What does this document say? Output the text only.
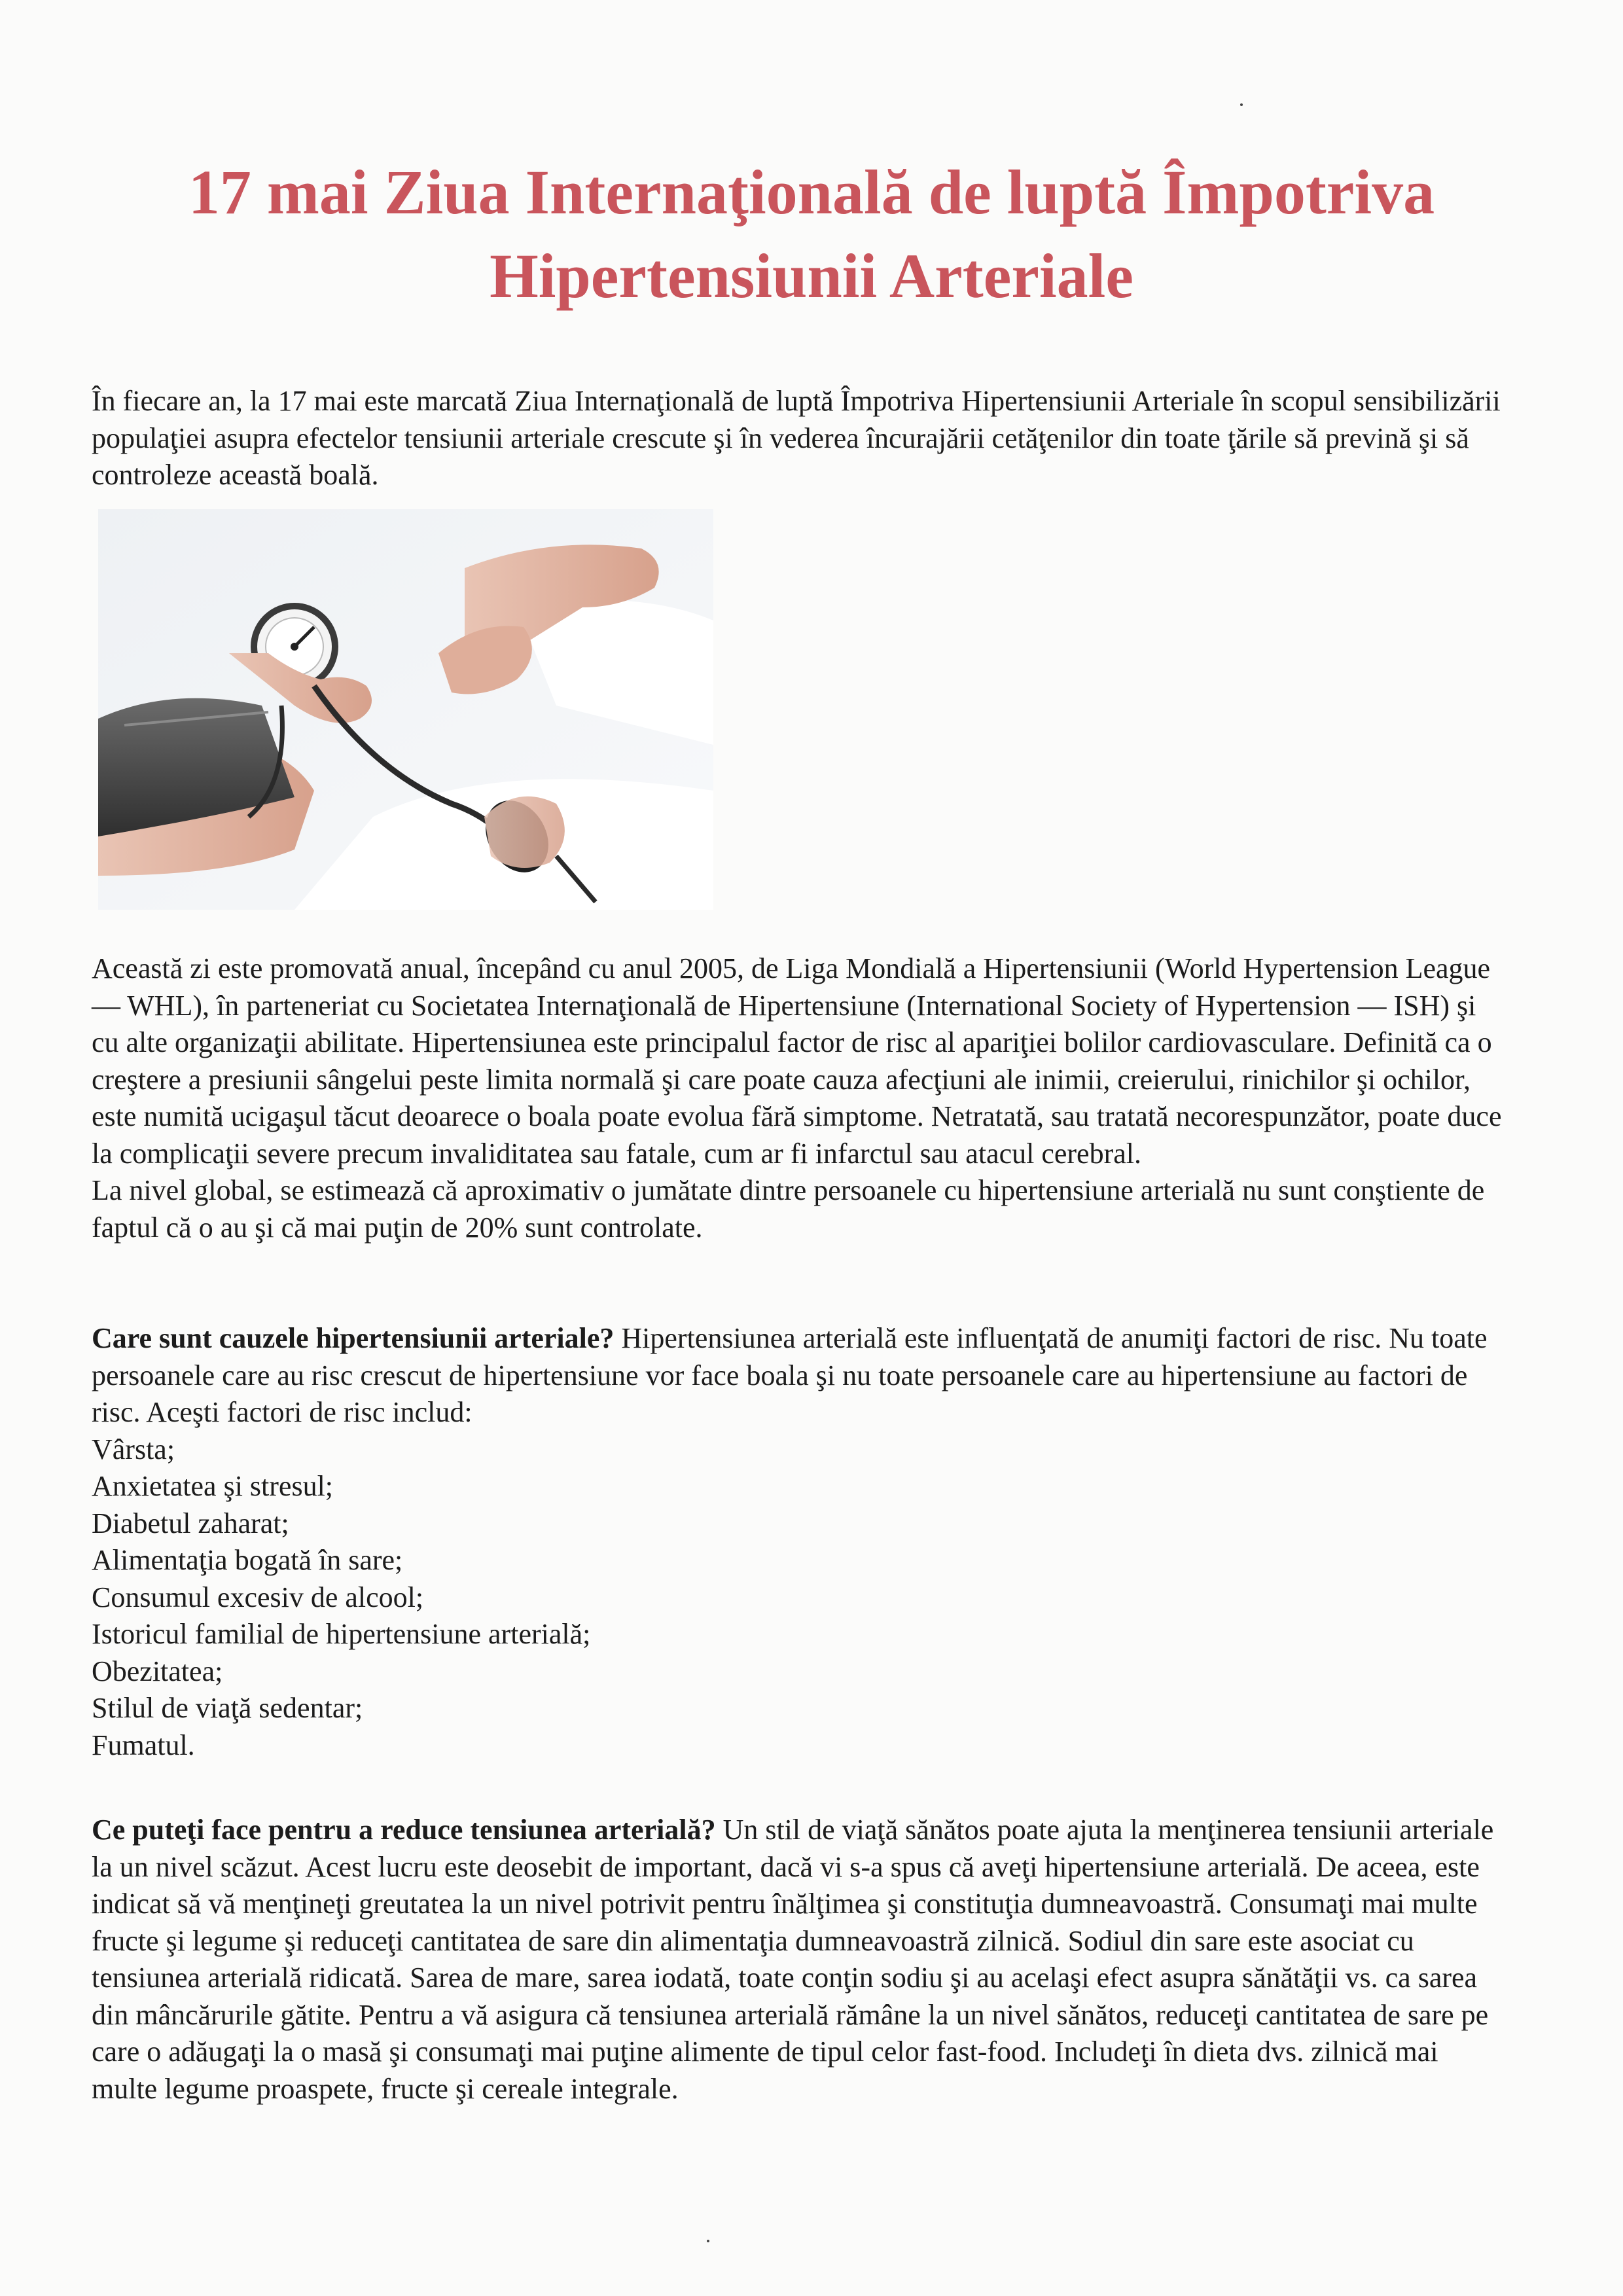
17 mai Ziua Internaţională de luptă Împotriva
Hipertensiunii Arteriale

În fiecare an, la 17 mai este marcată Ziua Internaţională de luptă Împotriva Hipertensiunii Arteriale în scopul sensibilizării populaţiei asupra efectelor tensiunii arteriale crescute şi în vederea încurajării cetăţenilor din toate ţările să prevină şi să controleze această boală.

Această zi este promovată anual, începând cu anul 2005, de Liga Mondială a Hipertensiunii (World Hypertension League — WHL), în parteneriat cu Societatea Internaţională de Hipertensiune (International Society of Hypertension — ISH) şi cu alte organizaţii abilitate. Hipertensiunea este principalul factor de risc al apariţiei bolilor cardiovasculare. Definită ca o creştere a presiunii sângelui peste limita normală şi care poate cauza afecţiuni ale inimii, creierului, rinichilor şi ochilor, este numită ucigaşul tăcut deoarece o boala poate evolua fără simptome. Netratată, sau tratată necorespunzător, poate duce la complicaţii severe precum invaliditatea sau fatale, cum ar fi infarctul sau atacul cerebral.
La nivel global, se estimează că aproximativ o jumătate dintre persoanele cu hipertensiune arterială nu sunt conştiente de faptul că o au şi că mai puţin de 20% sunt controlate.
Care sunt cauzele hipertensiunii arteriale? Hipertensiunea arterială este influenţată de anumiţi factori de risc. Nu toate persoanele care au risc crescut de hipertensiune vor face boala şi nu toate persoanele care au hipertensiune au factori de risc. Aceşti factori de risc includ:
Vârsta;
Anxietatea şi stresul;
Diabetul zaharat;
Alimentaţia bogată în sare;
Consumul excesiv de alcool;
Istoricul familial de hipertensiune arterială;
Obezitatea;
Stilul de viaţă sedentar;
Fumatul.
Ce puteţi face pentru a reduce tensiunea arterială? Un stil de viaţă sănătos poate ajuta la menţinerea tensiunii arteriale la un nivel scăzut. Acest lucru este deosebit de important, dacă vi s-a spus că aveţi hipertensiune arterială. De aceea, este indicat să vă menţineţi greutatea la un nivel potrivit pentru înălţimea şi constituţia dumneavoastră. Consumaţi mai multe fructe şi legume şi reduceţi cantitatea de sare din alimentaţia dumneavoastră zilnică. Sodiul din sare este asociat cu tensiunea arterială ridicată. Sarea de mare, sarea iodată, toate conţin sodiu şi au acelaşi efect asupra sănătăţii vs. ca sarea din mâncărurile gătite. Pentru a vă asigura că tensiunea arterială rămâne la un nivel sănătos, reduceţi cantitatea de sare pe care o adăugaţi la o masă şi consumaţi mai puţine alimente de tipul celor fast-food. Includeţi în dieta dvs. zilnică mai multe legume proaspete, fructe şi cereale integrale.
